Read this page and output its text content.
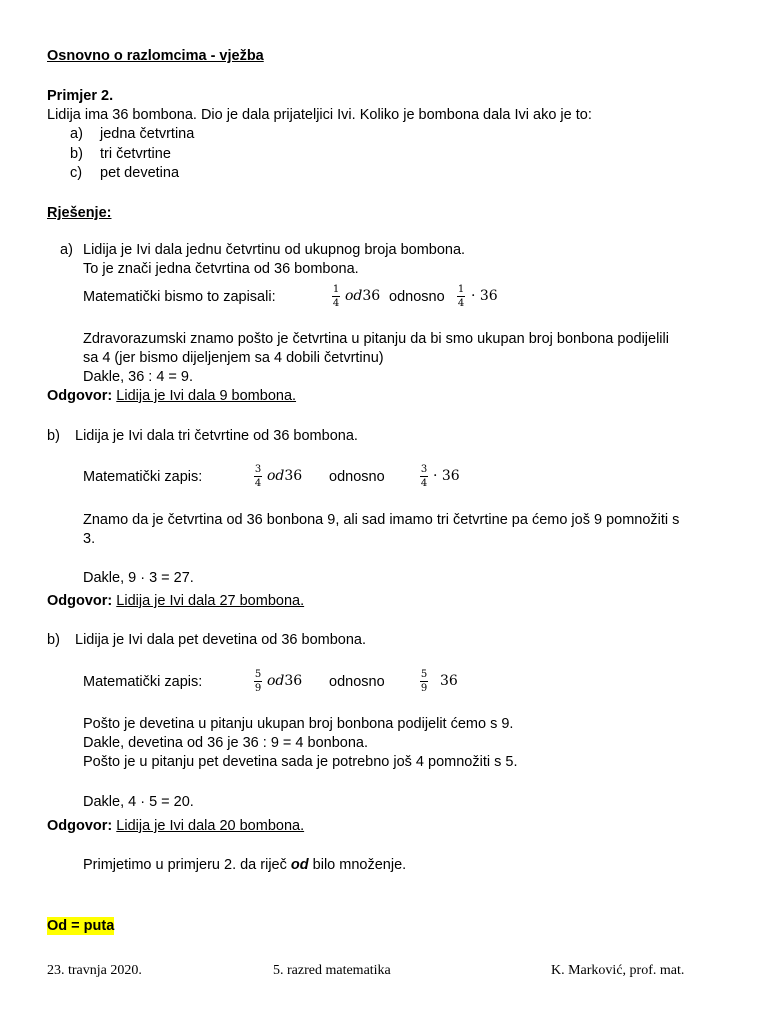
Osnovno o razlomcima - vježba
Primjer 2.
Lidija ima 36 bombona. Dio je dala prijateljici Ivi. Koliko je bombona dala Ivi ako je to:
a) jedna četvrtina
b) tri četvrtine
c) pet devetina
Rješenje:
a) Lidija je Ivi dala jednu četvrtinu od ukupnog broja bombona.
To je znači jedna četvrtina od 36 bombona.
Matematički bismo to zapisali:	1
4 od36 odnosno 1
4 · 36
Zdravorazumski znamo pošto je četvrtina u pitanju da bi smo ukupan broj bonbona podijelili
sa 4 (jer bismo dijeljenjem sa 4 dobili četvrtinu)
Dakle, 36 : 4 = 9.
Odgovor: Lidija je Ivi dala 9 bombona.
b) Lidija je Ivi dala tri četvrtine od 36 bombona.
Matematički zapis:	3
4 od36 odnosno	3
4 · 36
Znamo da je četvrtina od 36 bonbona 9, ali sad imamo tri četvrtine pa ćemo još 9 pomnožiti s
3.
Dakle, 9 · 3 = 27.
Odgovor: Lidija je Ivi dala 27 bombona.
b) Lidija je Ivi dala pet devetina od 36 bombona.
Matematički zapis:	5
9 od36 odnosno	5
9 36
Pošto je devetina u pitanju ukupan broj bonbona podijelit ćemo s 9.
Dakle, devetina od 36 je 36 : 9 = 4 bonbona.
Pošto je u pitanju pet devetina sada je potrebno još 4 pomnožiti s 5.
Dakle, 4 · 5 = 20.
Odgovor: Lidija je Ivi dala 20 bombona.
Primjetimo u primjeru 2. da riječ od bilo množenje.
Od = puta
23. travnja 2020.	5. razred matematika	K. Marković, prof. mat.
